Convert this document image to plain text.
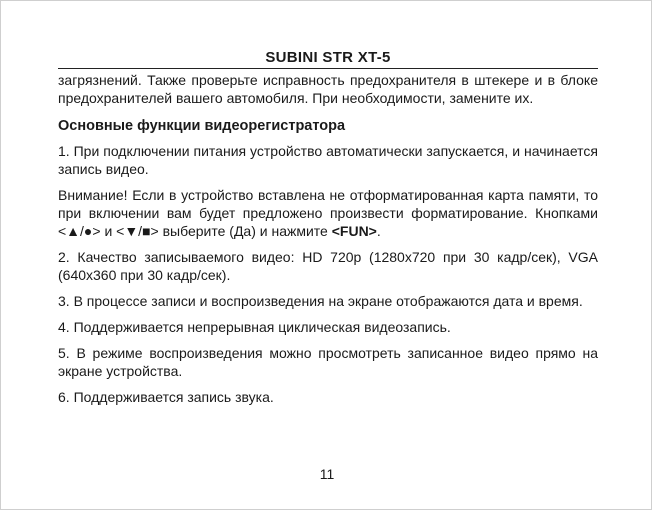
SUBINI STR XT-5

загрязнений. Также проверьте исправность предохранителя в штекере и в блоке предохранителей вашего автомобиля. При необходимости, замените их.

Основные функции видеорегистратора

1. При подключении питания устройство автоматически запускается, и начинается запись видео.

Внимание! Если в устройство вставлена не отформатированная карта памяти, то при включении вам будет предложено произвести форматирование. Кнопками <▲/●> и <▼/■> выберите (Да) и нажмите <FUN>.

2. Качество записываемого видео: HD 720p (1280х720 при 30 кадр/сек), VGA (640х360 при 30 кадр/сек).

3. В процессе записи и воспроизведения на экране отображаются дата и время.

4. Поддерживается непрерывная циклическая видеозапись.

5. В режиме воспроизведения можно просмотреть записанное видео прямо на экране устройства.

6. Поддерживается запись звука.

11
